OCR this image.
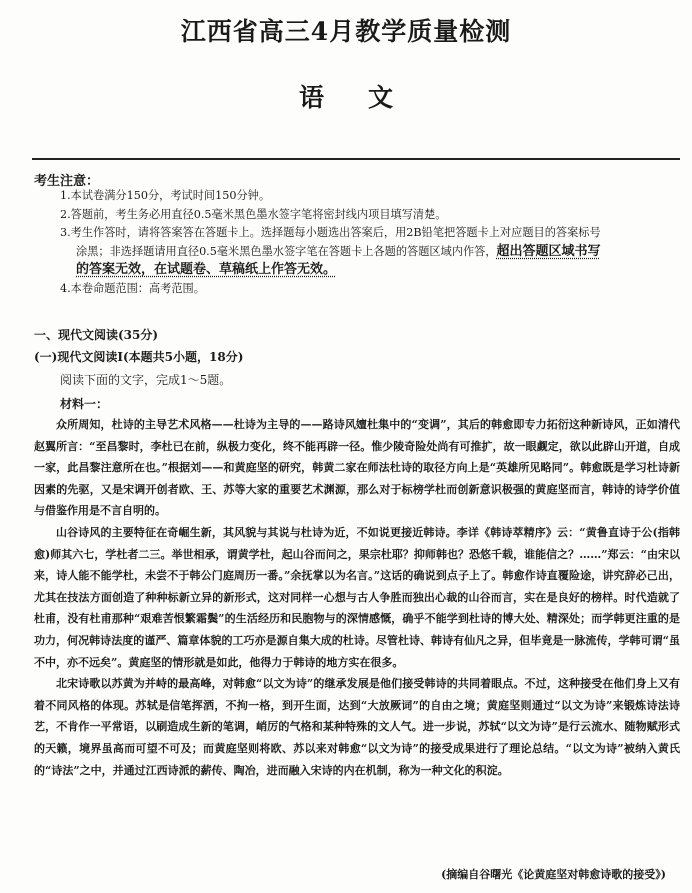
江西省高三4月教学质量检测
语文
考生注意：
1.本试卷满分150分，考试时间150分钟。
2.答题前，考生务必用直径0.5毫米黑色墨水签字笔将密封线内项目填写清楚。
3.考生作答时，请将答案答在答题卡上。选择题每小题选出答案后，用2B铅笔把答题卡上对应题目的答案标号
涂黑；非选择题请用直径0.5毫米黑色墨水签字笔在答题卡上各题的答题区域内作答，超出答题区域书写
的答案无效，在试题卷、草稿纸上作答无效。
4.本卷命题范围：高考范围。
一、现代文阅读(35分)
(一)现代文阅读Ⅰ(本题共5小题，18分)
阅读下面的文字，完成1～5题。
材料一：

众所周知，杜诗的主导艺术风格——杜诗为主导的——路诗风嬗杜集中的“变调”，其后的韩愈即专力拓衍这种新诗风，正如清代赵翼所言：“至昌黎时，李杜已在前，纵极力变化，终不能再辟一径。惟少陵奇险处尚有可推扩，故一眼觑定，欲以此辟山开道，自成一家，此昌黎注意所在也。”根据刘——和黄庭坚的研究，韩黄二家在师法杜诗的取径方向上是“英雄所见略同”。韩愈既是学习杜诗新因素的先驱，又是宋调开创者欧、王、苏等大家的重要艺术渊源，那么对于标榜学杜而创新意识极强的黄庭坚而言，韩诗的诗学价值与借鉴作用是不言自明的。

山谷诗风的主要特征在奇崛生新，其风貌与其说与杜诗为近，不如说更接近韩诗。李详《韩诗萃精序》云：“黄鲁直诗于公(指韩愈)师其六七，学杜者二三。举世相承，谓黄学杜，起山谷而问之，果宗杜耶？抑师韩也？恐悠千载，谁能信之？……”郑云：“由宋以来，诗人能不能学杜，未尝不于韩公门庭周历一番。”余抚掌以为名言。”这话的确说到点子上了。韩愈作诗直覆险途，讲究辞必己出，尤其在技法方面创造了种种标新立异的新形式，这对同样一心想与古人争胜而独出心裁的山谷而言，实在是良好的榜样。时代造就了杜甫，没有杜甫那种“艰难苦恨繁霜鬓”的生活经历和民胞物与的深情感慨，确乎不能学到杜诗的博大处、精深处；而学韩更注重的是功力，何况韩诗法度的谨严、篇章体貌的工巧亦是源自集大成的杜诗。尽管杜诗、韩诗有仙凡之异，但毕竟是一脉流传，学韩可谓“虽不中，亦不远矣”。黄庭坚的情形就是如此，他得力于韩诗的地方实在很多。

北宋诗歌以苏黄为并峙的最高峰，对韩愈“以文为诗”的继承发展是他们接受韩诗的共同着眼点。不过，这种接受在他们身上又有着不同风格的体现。苏轼是信笔挥洒，不拘一格，到开生面，达到“大放厥词”的自由之境；黄庭坚则通过“以文为诗”来锻炼诗法诗艺，不肯作一平常语，以刷造成生新的笔调，峭厉的气格和某种特殊的文人气。进一步说，苏轼“以文为诗”是行云流水、随物赋形式的天籁，境界虽高而可望不可及；而黄庭坚则将欧、苏以来对韩愈“以文为诗”的接受成果进行了理论总结。“以文为诗”被纳入黄氏的“诗法”之中，并通过江西诗派的薪传、陶冶，进而融入宋诗的内在机制，称为一种文化的积淀。

(摘编自谷曙光《论黄庭坚对韩愈诗歌的接受》)
